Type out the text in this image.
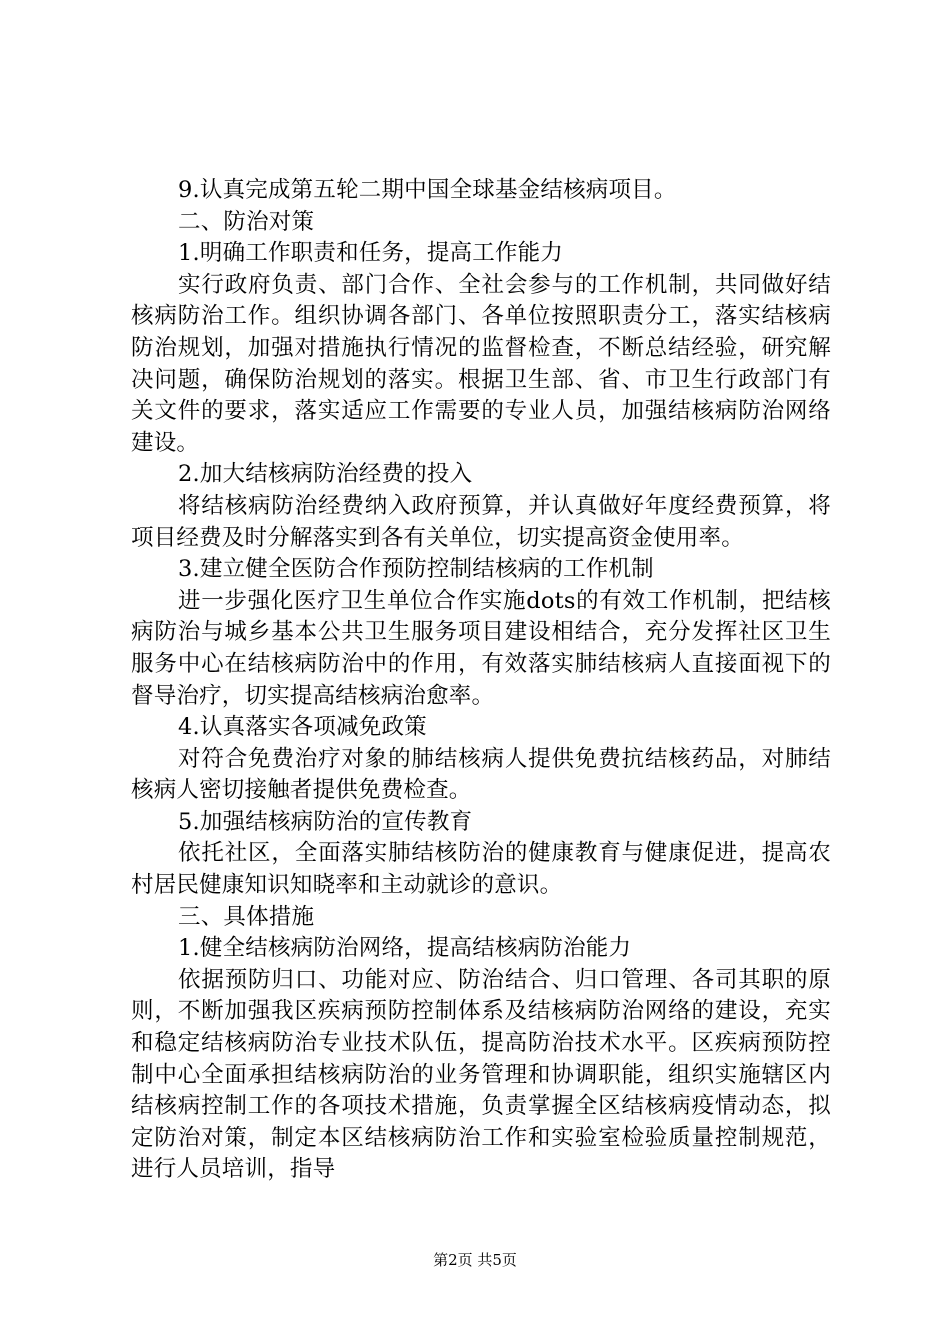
9.认真完成第五轮二期中国全球基金结核病项目。

二、防治对策

1.明确工作职责和任务，提高工作能力

实行政府负责、部门合作、全社会参与的工作机制，共同做好结核病防治工作。组织协调各部门、各单位按照职责分工，落实结核病防治规划，加强对措施执行情况的监督检查，不断总结经验，研究解决问题，确保防治规划的落实。根据卫生部、省、市卫生行政部门有关文件的要求，落实适应工作需要的专业人员，加强结核病防治网络建设。

2.加大结核病防治经费的投入

将结核病防治经费纳入政府预算，并认真做好年度经费预算，将项目经费及时分解落实到各有关单位，切实提高资金使用率。

3.建立健全医防合作预防控制结核病的工作机制

进一步强化医疗卫生单位合作实施dots的有效工作机制，把结核病防治与城乡基本公共卫生服务项目建设相结合，充分发挥社区卫生服务中心在结核病防治中的作用，有效落实肺结核病人直接面视下的督导治疗，切实提高结核病治愈率。

4.认真落实各项减免政策

对符合免费治疗对象的肺结核病人提供免费抗结核药品，对肺结核病人密切接触者提供免费检查。

5.加强结核病防治的宣传教育

依托社区，全面落实肺结核防治的健康教育与健康促进，提高农村居民健康知识知晓率和主动就诊的意识。

三、具体措施

1.健全结核病防治网络，提高结核病防治能力

依据预防归口、功能对应、防治结合、归口管理、各司其职的原则，不断加强我区疾病预防控制体系及结核病防治网络的建设，充实和稳定结核病防治专业技术队伍，提高防治技术水平。区疾病预防控制中心全面承担结核病防治的业务管理和协调职能，组织实施辖区内结核病控制工作的各项技术措施，负责掌握全区结核病疫情动态，拟定防治对策，制定本区结核病防治工作和实验室检验质量控制规范，进行人员培训，指导

第2页 共5页
